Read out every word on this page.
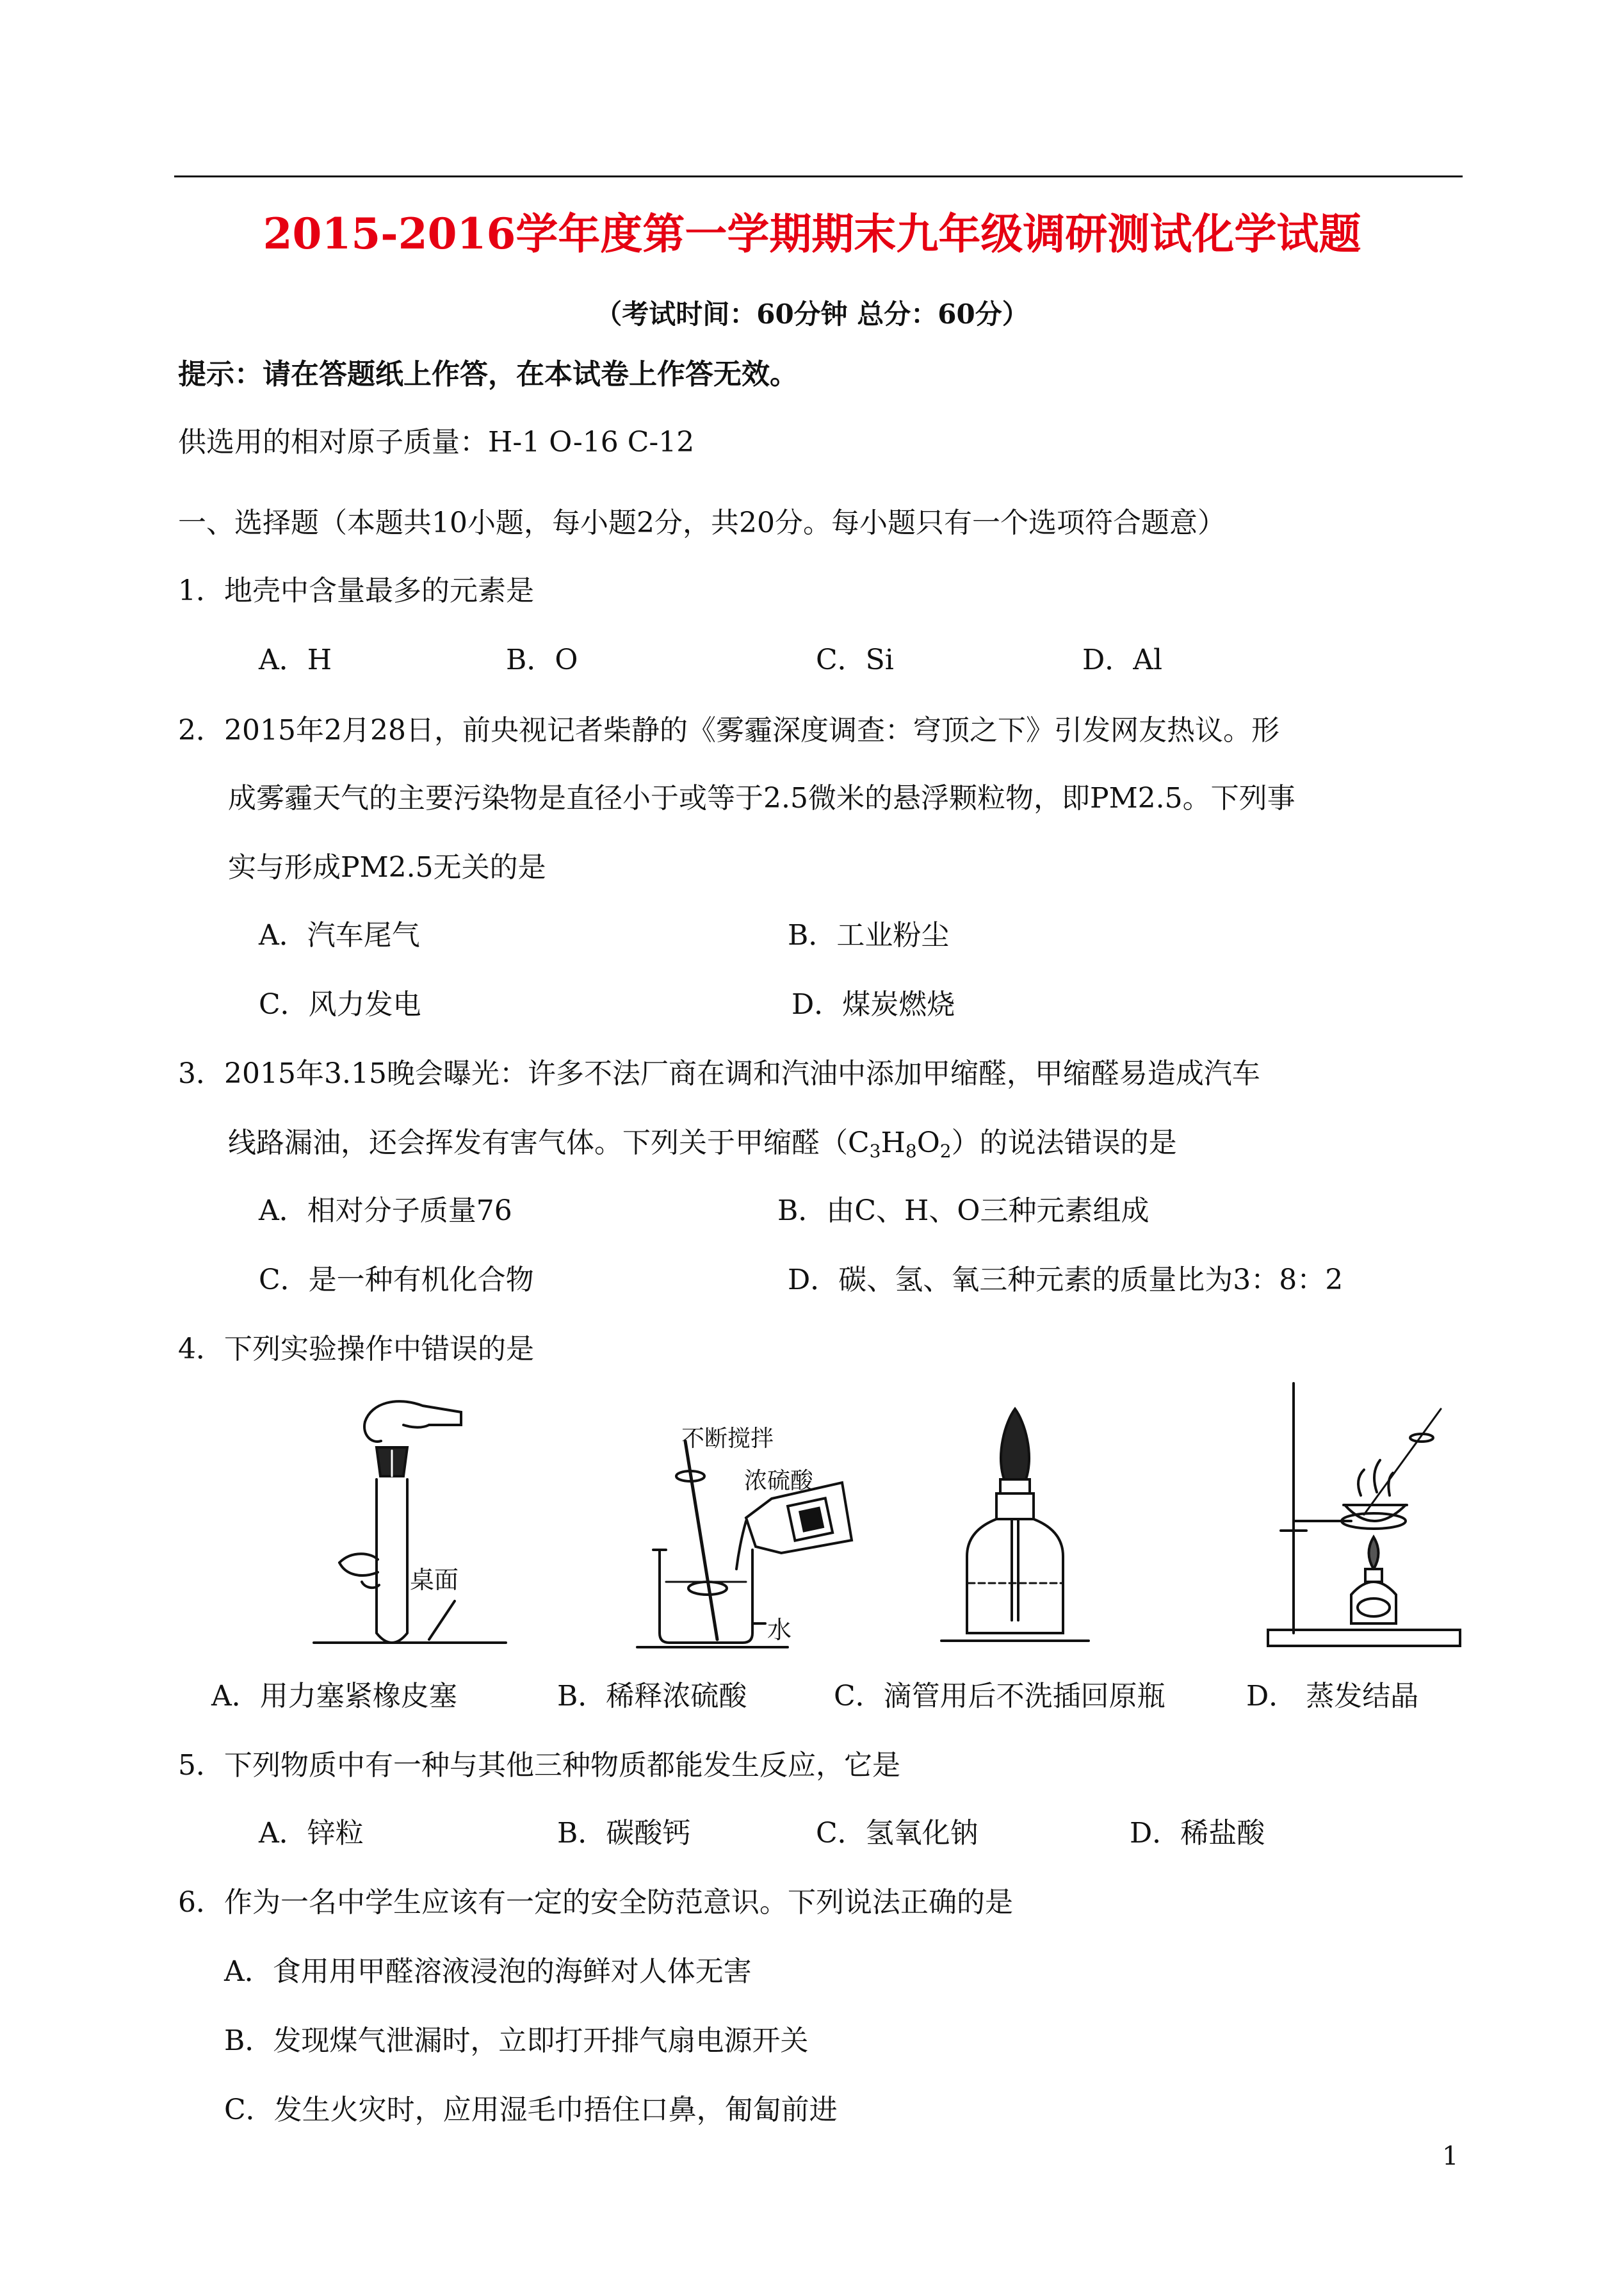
2015-2016学年度第一学期期末九年级调研测试化学试题
（考试时间：60分钟 总分：60分）
提示：请在答题纸上作答，在本试卷上作答无效。
供选用的相对原子质量：H-1 O-16 C-12
一、选择题（本题共10小题，每小题2分，共20分。每小题只有一个选项符合题意）
1．地壳中含量最多的元素是
A．H	B．O	C．Si	D．Al
2．2015年2月28日，前央视记者柴静的《雾霾深度调查：穹顶之下》引发网友热议。形
成雾霾天气的主要污染物是直径小于或等于2.5微米的悬浮颗粒物，即PM2.5。下列事
实与形成PM2.5无关的是
A．汽车尾气	B．工业粉尘
C．风力发电	D．煤炭燃烧
3．2015年3.15晚会曝光：许多不法厂商在调和汽油中添加甲缩醛，甲缩醛易造成汽车
线路漏油，还会挥发有害气体。下列关于甲缩醛（C3H8O2）的说法错误的是
A．相对分子质量76	B．由C、H、O三种元素组成
C．是一种有机化合物	D．碳、氢、氧三种元素的质量比为3：8：2
4．下列实验操作中错误的是
桌面
不断搅拌
浓硫酸
水
A．用力塞紧橡皮塞	B．稀释浓硫酸	C．滴管用后不洗插回原瓶	D． 蒸发结晶
5．下列物质中有一种与其他三种物质都能发生反应，它是
A．锌粒	B．碳酸钙	C．氢氧化钠	D．稀盐酸
6．作为一名中学生应该有一定的安全防范意识。下列说法正确的是
A．食用用甲醛溶液浸泡的海鲜对人体无害
B．发现煤气泄漏时，立即打开排气扇电源开关
C．发生火灾时，应用湿毛巾捂住口鼻，匍匐前进
1
